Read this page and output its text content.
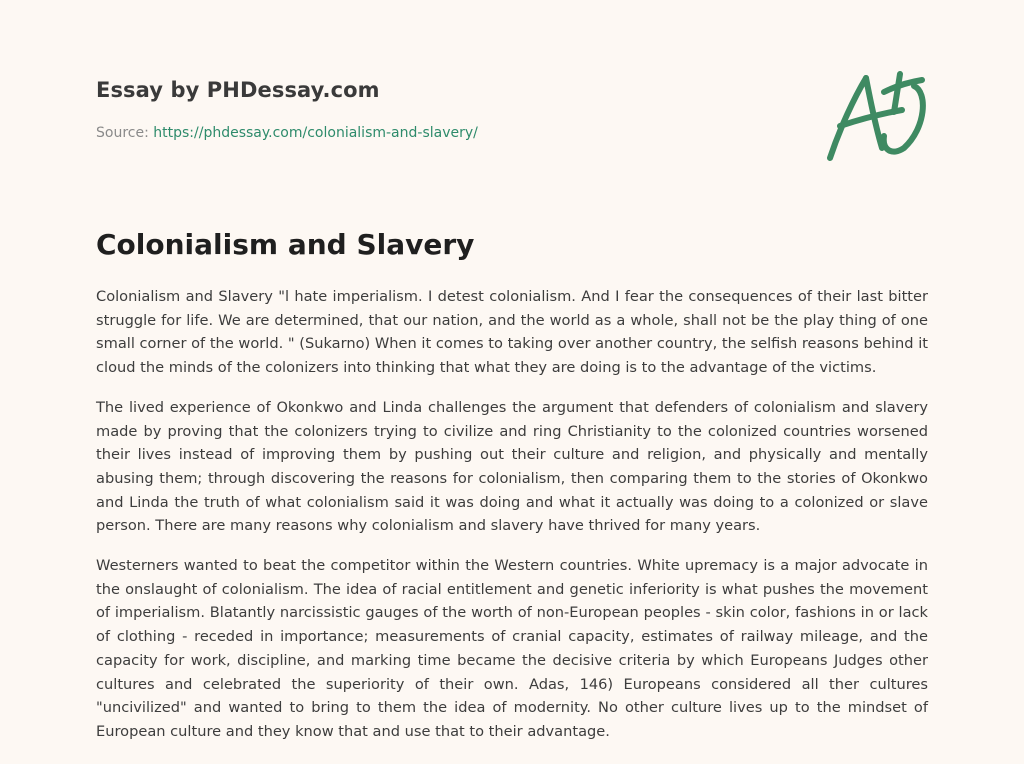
Essay by PHDessay.com
Source: https://phdessay.com/colonialism-and-slavery/
Colonialism and Slavery

Colonialism and Slavery "l hate imperialism. I detest colonialism. And I fear the consequences of their last bitter struggle for life. We are determined, that our nation, and the world as a whole, shall not be the play thing of one small corner of the world. " (Sukarno) When it comes to taking over another country, the selfish reasons behind it cloud the minds of the colonizers into thinking that what they are doing is to the advantage of the victims.

The lived experience of Okonkwo and Linda challenges the argument that defenders of colonialism and slavery made by proving that the colonizers trying to civilize and ring Christianity to the colonized countries worsened their lives instead of improving them by pushing out their culture and religion, and physically and mentally abusing them; through discovering the reasons for colonialism, then comparing them to the stories of Okonkwo and Linda the truth of what colonialism said it was doing and what it actually was doing to a colonized or slave person. There are many reasons why colonialism and slavery have thrived for many years.

Westerners wanted to beat the competitor within the Western countries. White upremacy is a major advocate in the onslaught of colonialism. The idea of racial entitlement and genetic inferiority is what pushes the movement of imperialism. Blatantly narcissistic gauges of the worth of non-European peoples - skin color, fashions in or lack of clothing - receded in importance; measurements of cranial capacity, estimates of railway mileage, and the capacity for work, discipline, and marking time became the decisive criteria by which Europeans Judges other cultures and celebrated the superiority of their own. Adas, 146) Europeans considered all ther cultures "uncivilized" and wanted to bring to them the idea of modernity. No other culture lives up to the mindset of European culture and they know that and use that to their advantage.
